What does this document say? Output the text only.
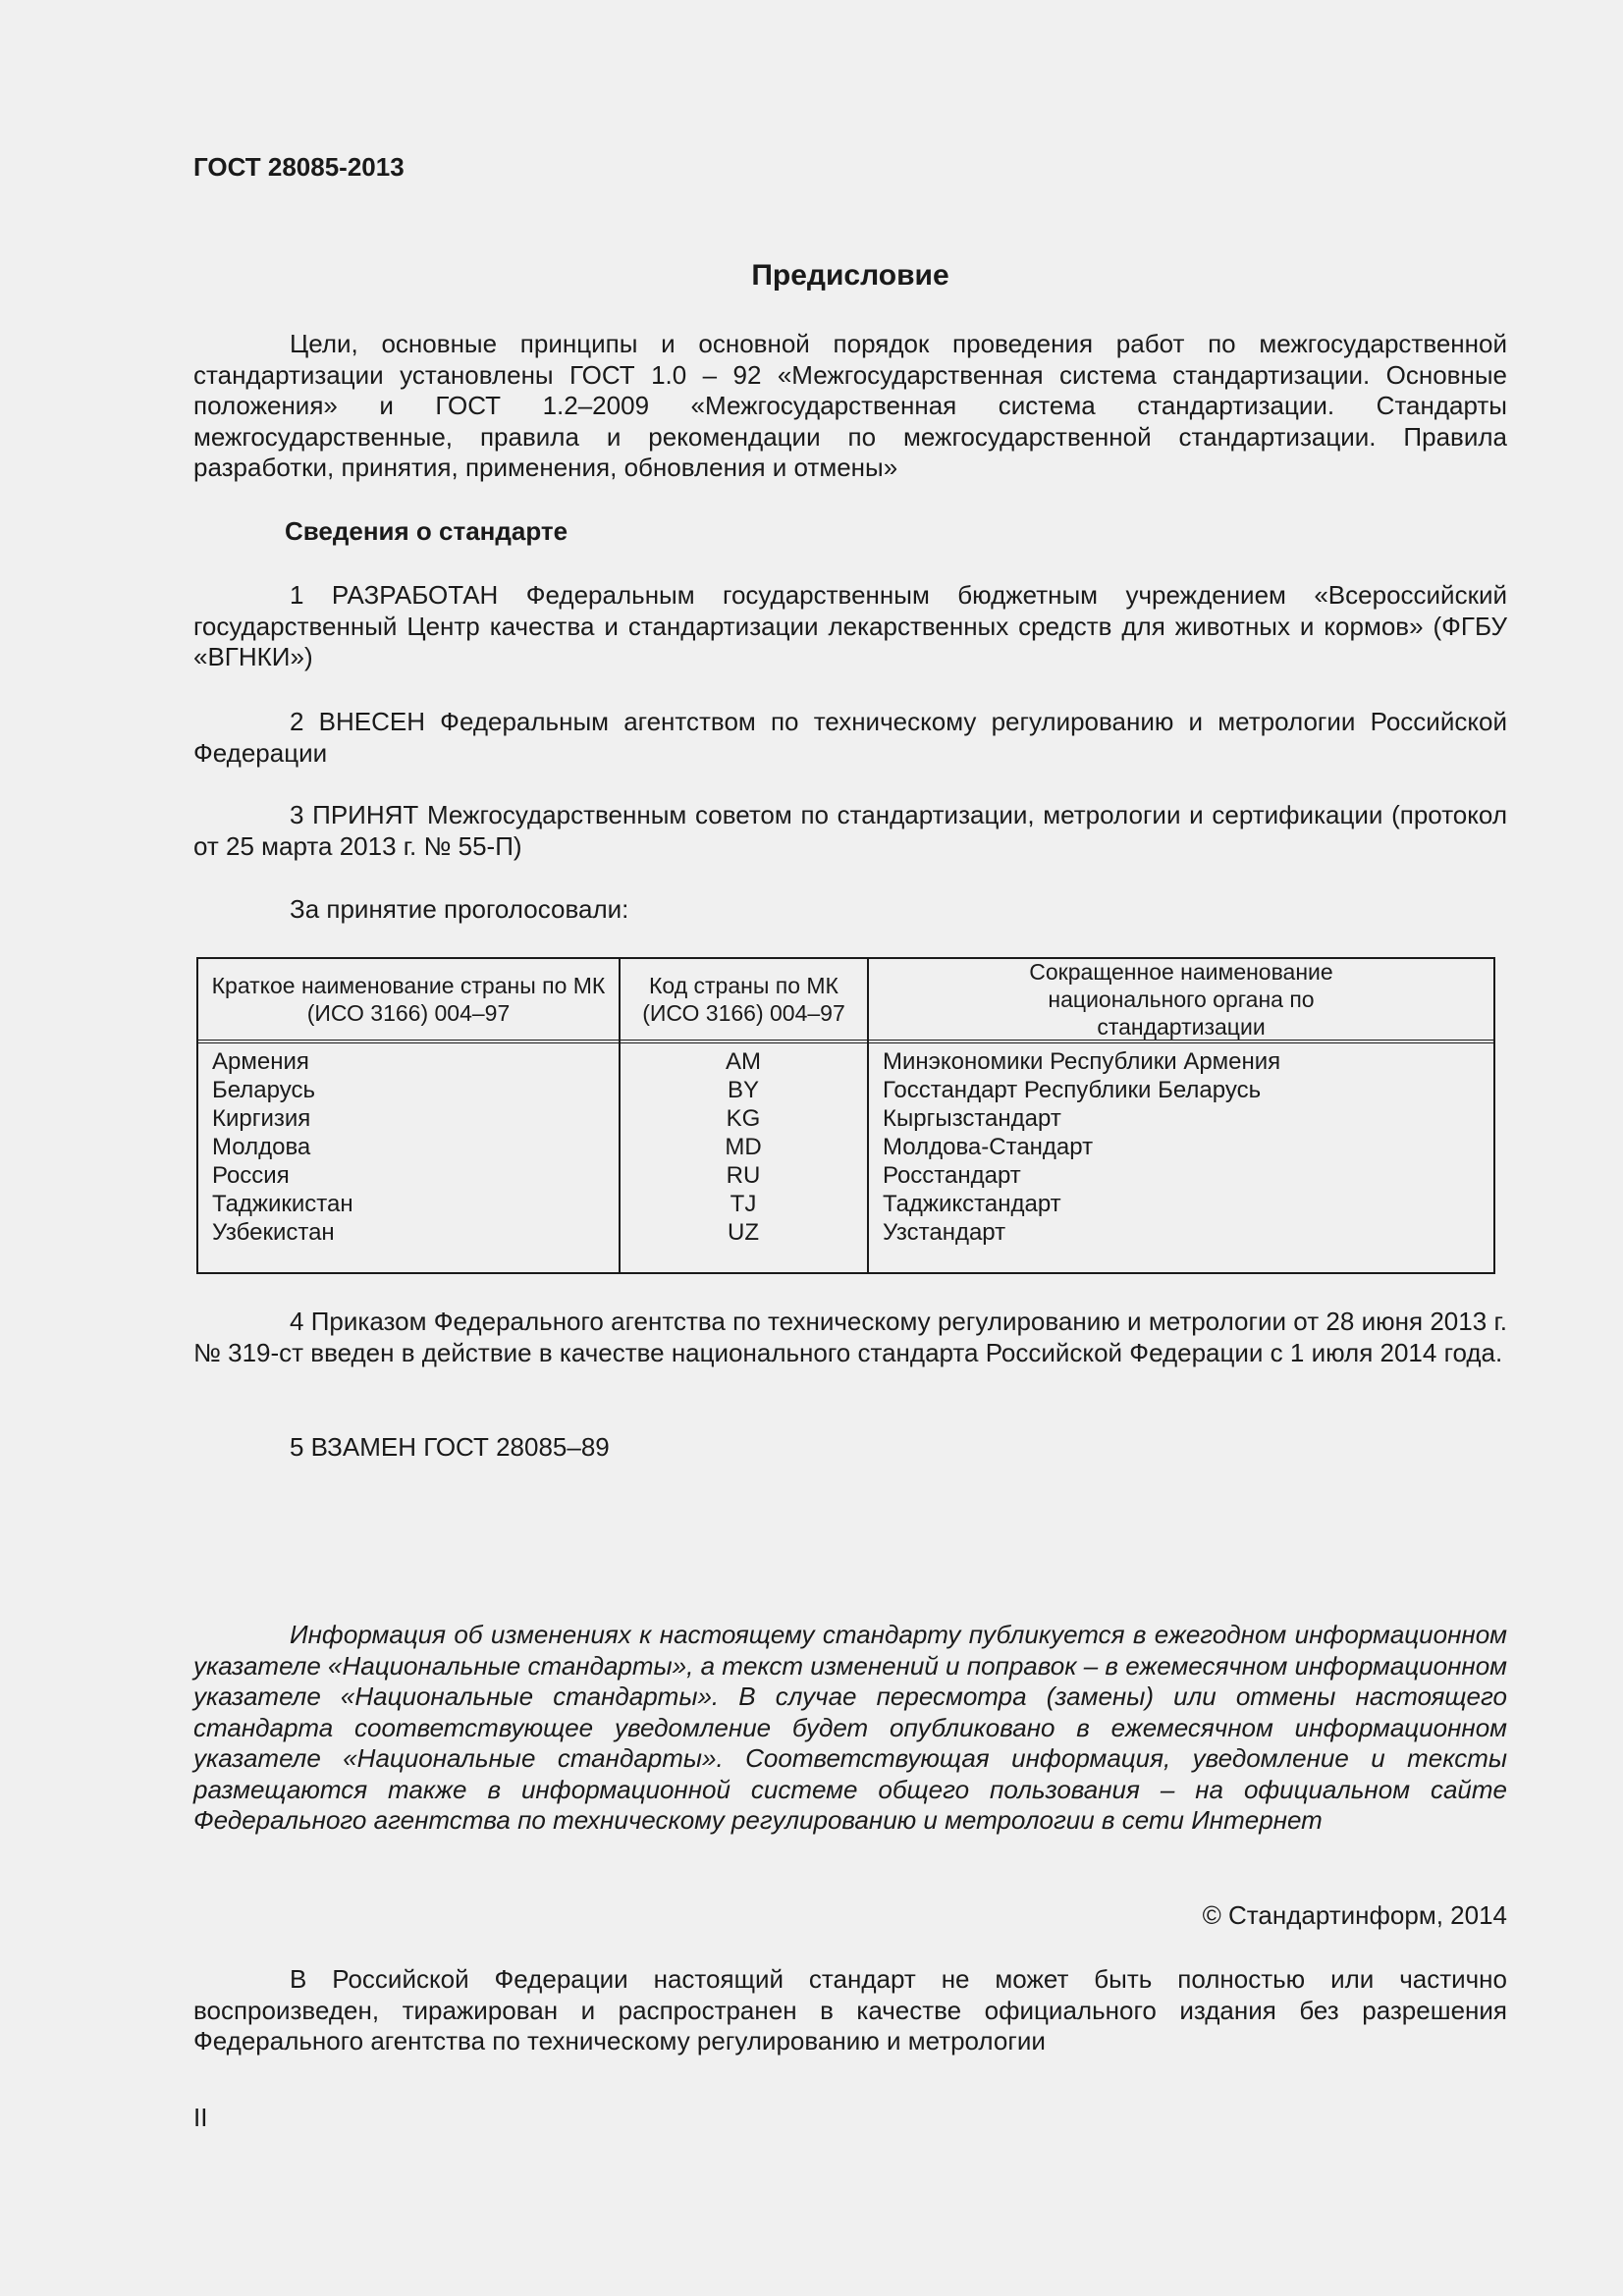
ГОСТ 28085-2013

Предисловие

Цели, основные принципы и основной порядок проведения работ по межгосударственной стандартизации установлены ГОСТ 1.0 – 92 «Межгосударственная система стандартизации. Основные положения» и ГОСТ 1.2–2009 «Межгосударственная система стандартизации. Стандарты межгосударственные, правила и рекомендации по межгосударственной стандартизации. Правила разработки, принятия, применения, обновления и отмены»

Сведения о стандарте

1 РАЗРАБОТАН Федеральным государственным бюджетным учреждением «Всероссийский государственный Центр качества и стандартизации лекарственных средств для животных и кормов» (ФГБУ «ВГНКИ»)

2 ВНЕСЕН Федеральным агентством по техническому регулированию и метрологии Российской Федерации

3 ПРИНЯТ Межгосударственным советом по стандартизации, метрологии и сертификации (протокол от 25 марта 2013 г. № 55-П)

За принятие проголосовали:

Краткое наименование страны по МК (ИСО 3166) 004–97
Код страны по МК (ИСО 3166) 004–97
Сокращенное наименование национального органа по стандартизации
Армения
Беларусь
Киргизия
Молдова
Россия
Таджикистан
Узбекистан
AM
BY
KG
MD
RU
TJ
UZ
Минэкономики Республики Армения
Госстандарт Республики Беларусь
Кыргызстандарт
Молдова-Стандарт
Росстандарт
Таджикстандарт
Узстандарт

4 Приказом Федерального агентства по техническому регулированию и метрологии от 28 июня 2013 г. № 319-ст введен в действие в качестве национального стандарта Российской Федерации с 1 июля 2014 года.

5 ВЗАМЕН ГОСТ 28085–89

Информация об изменениях к настоящему стандарту публикуется в ежегодном информационном указателе «Национальные стандарты», а текст изменений и поправок – в ежемесячном информационном указателе «Национальные стандарты». В случае пересмотра (замены) или отмены настоящего стандарта соответствующее уведомление будет опубликовано в ежемесячном информационном указателе «Национальные стандарты». Соответствующая информация, уведомление и тексты размещаются также в информационной системе общего пользования – на официальном сайте Федерального агентства по техническому регулированию и метрологии в сети Интернет

© Стандартинформ, 2014

В Российской Федерации настоящий стандарт не может быть полностью или частично воспроизведен, тиражирован и распространен в качестве официального издания без разрешения Федерального агентства по техническому регулированию и метрологии

II
